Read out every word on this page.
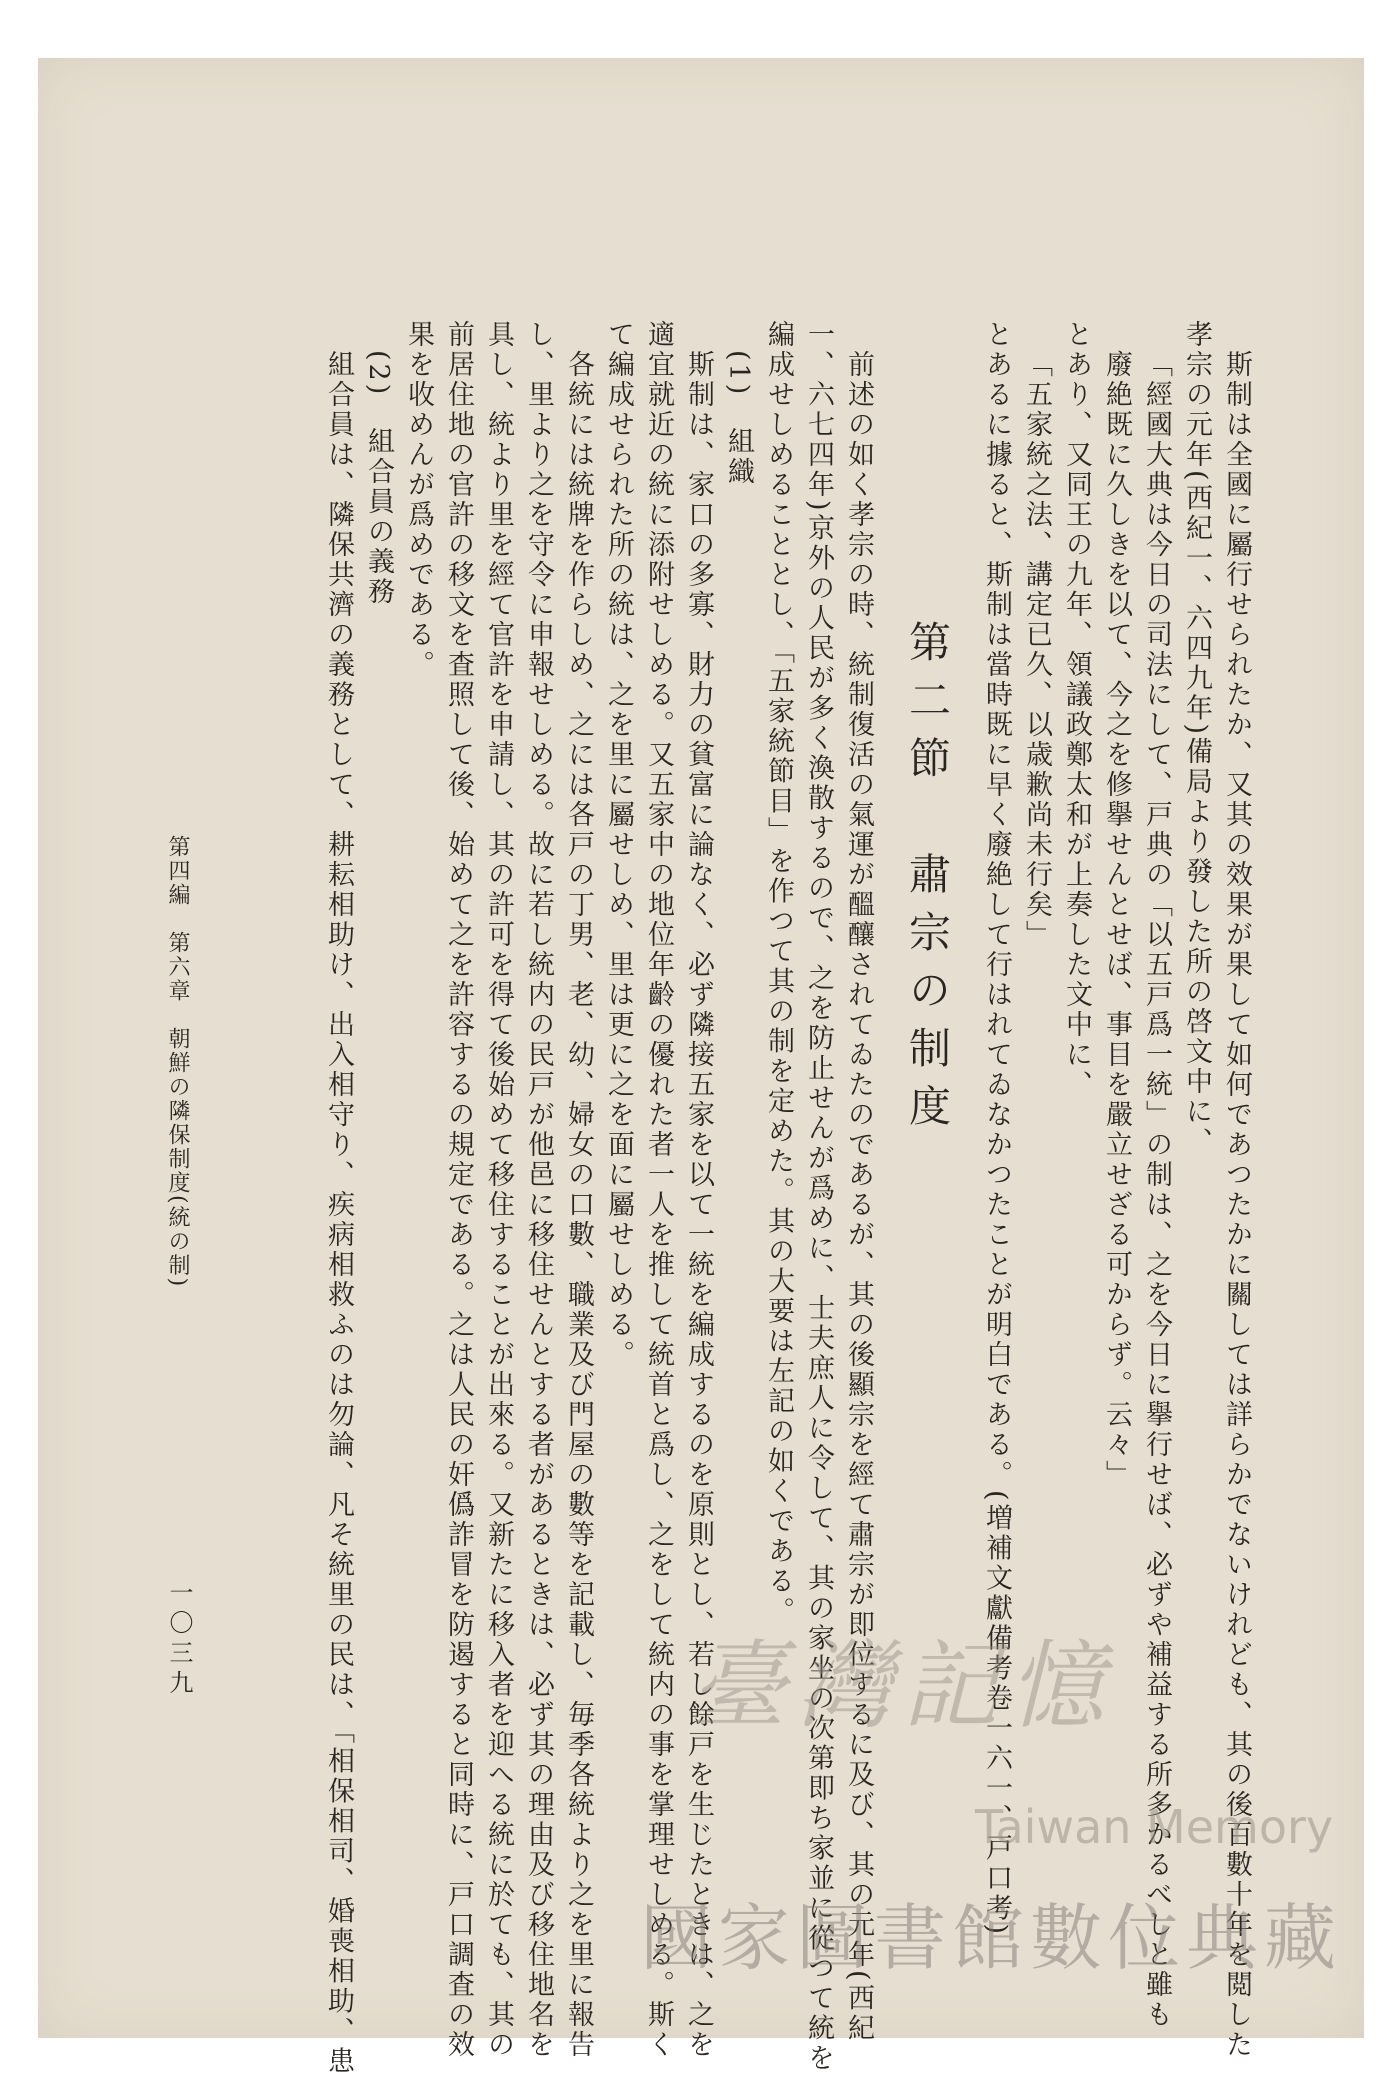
斯制は全國に屬行せられたか、又其の效果が果して如何であつたかに關しては詳らかでないけれども、其の後百數十年を閲した
孝宗の元年(西紀一、六四九年)備局より發した所の啓文中に、
「經國大典は今日の司法にして、戸典の「以五戸爲一統」の制は、之を今日に擧行せば、必ずや補益する所多かるべしと雖も
廢絶既に久しきを以て、今之を修擧せんとせば、事目を嚴立せざる可からず。云々」
とあり、又同王の九年、領議政鄭太和が上奏した文中に、
「五家統之法、講定已久、以歳歉尚未行矣」
とあるに據ると、斯制は當時既に早く廢絶して行はれてゐなかつたことが明白である。(増補文獻備考卷一六一、戸口考)
第二節　肅宗の制度
前述の如く孝宗の時、統制復活の氣運が醞釀されてゐたのであるが、其の後顯宗を經て肅宗が即位するに及び、其の元年(西紀
一、六七四年)京外の人民が多く渙散するので、之を防止せんが爲めに、士夫庶人に令して、其の家坐の次第即ち家並に從つて統を
編成せしめることとし、「五家統節目」を作つて其の制を定めた。其の大要は左記の如くである。
(1)　組織
斯制は、家口の多寡、財力の貧富に論なく、必ず隣接五家を以て一統を編成するのを原則とし、若し餘戸を生じたときは、之を
適宜就近の統に添附せしめる。又五家中の地位年齡の優れた者一人を推して統首と爲し、之をして統内の事を掌理せしめる。斯く
て編成せられた所の統は、之を里に屬せしめ、里は更に之を面に屬せしめる。
各統には統牌を作らしめ、之には各戸の丁男、老、幼、婦女の口數、職業及び門屋の數等を記載し、毎季各統より之を里に報告
し、里より之を守令に申報せしめる。故に若し統内の民戸が他邑に移住せんとする者があるときは、必ず其の理由及び移住地名を
具し、統より里を經て官許を申請し、其の許可を得て後始めて移住することが出來る。又新たに移入者を迎へる統に於ても、其の
前居住地の官許の移文を査照して後、始めて之を許容するの規定である。之は人民の奸僞詐冒を防遏すると同時に、戸口調査の效
果を收めんが爲めである。
(2)　組合員の義務
組合員は、隣保共濟の義務として、耕耘相助け、出入相守り、疾病相救ふのは勿論、凡そ統里の民は、「相保相司、婚喪相助、患
第四編　第六章　朝鮮の隣保制度(統の制)
一〇三九	臺灣記憶
Taiwan Memory
國家圖書館數位典藏
